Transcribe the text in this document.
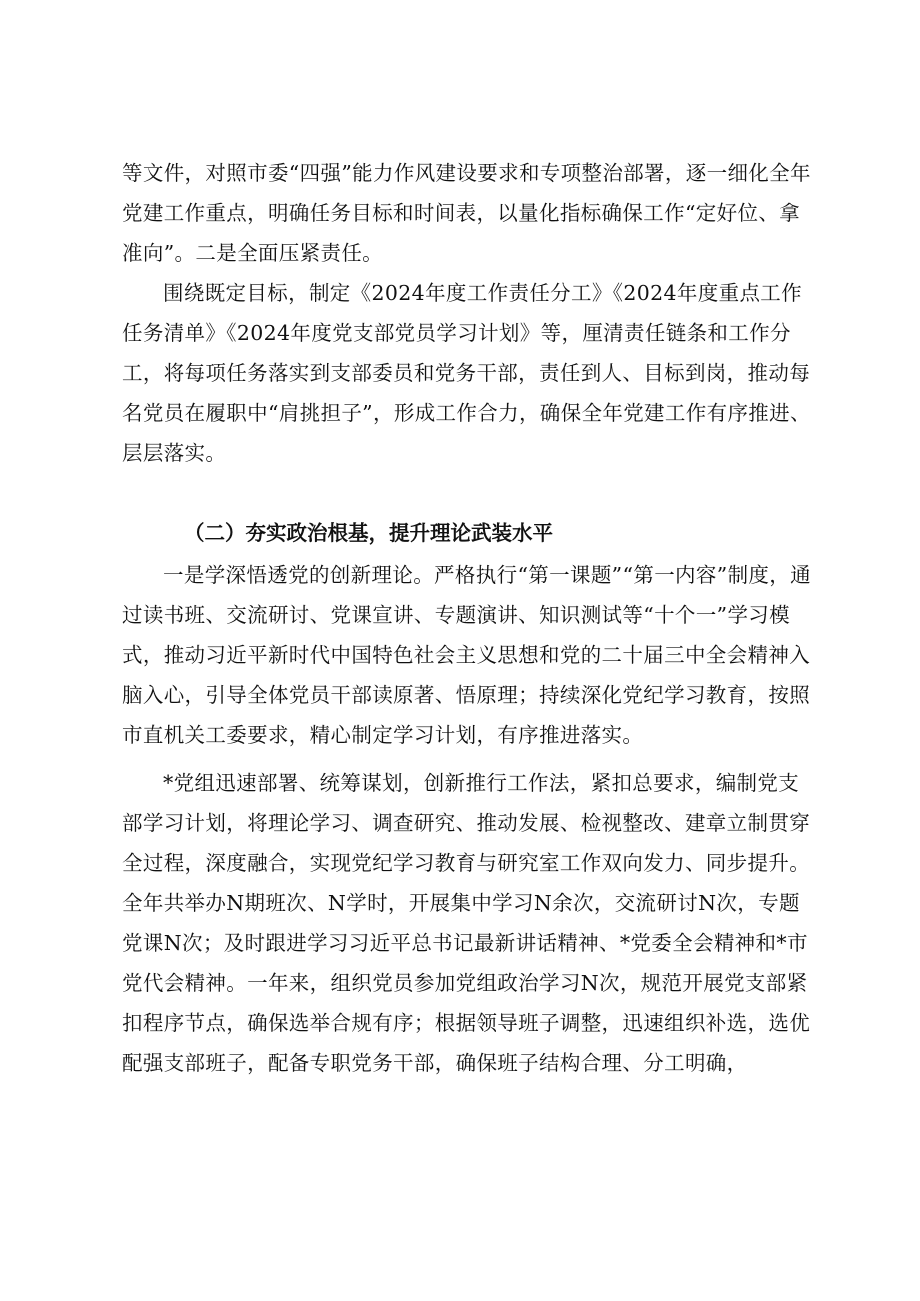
等文件，对照市委“四强”能力作风建设要求和专项整治部署，逐一细化全年党建工作重点，明确任务目标和时间表，以量化指标确保工作“定好位、拿准向”。二是全面压紧责任。

围绕既定目标，制定《2024年度工作责任分工》《2024年度重点工作任务清单》《2024年度党支部党员学习计划》等，厘清责任链条和工作分工，将每项任务落实到支部委员和党务干部，责任到人、目标到岗，推动每名党员在履职中“肩挑担子”，形成工作合力，确保全年党建工作有序推进、层层落实。

（二）夯实政治根基，提升理论武装水平

一是学深悟透党的创新理论。严格执行“第一课题”“第一内容”制度，通过读书班、交流研讨、党课宣讲、专题演讲、知识测试等“十个一”学习模式，推动习近平新时代中国特色社会主义思想和党的二十届三中全会精神入脑入心，引导全体党员干部读原著、悟原理；持续深化党纪学习教育，按照市直机关工委要求，精心制定学习计划，有序推进落实。

*党组迅速部署、统筹谋划，创新推行工作法，紧扣总要求，编制党支部学习计划，将理论学习、调查研究、推动发展、检视整改、建章立制贯穿全过程，深度融合，实现党纪学习教育与研究室工作双向发力、同步提升。全年共举办N期班次、N学时，开展集中学习N余次，交流研讨N次，专题党课N次；及时跟进学习习近平总书记最新讲话精神、*党委全会精神和*市党代会精神。一年来，组织党员参加党组政治学习N次，规范开展党支部紧扣程序节点，确保选举合规有序；根据领导班子调整，迅速组织补选，选优配强支部班子，配备专职党务干部，确保班子结构合理、分工明确，
